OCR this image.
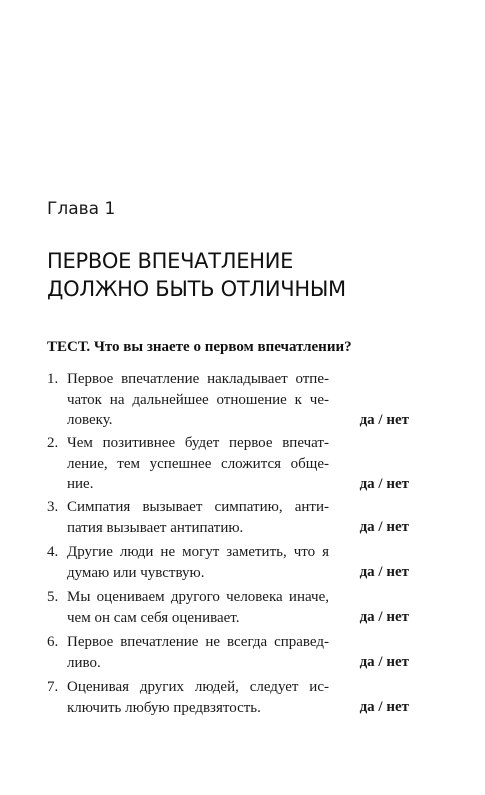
Глава 1
ПЕРВОЕ ВПЕЧАТЛЕНИЕ
ДОЛЖНО БЫТЬ ОТЛИЧНЫМ
ТЕСТ. Что вы знаете о первом впечатлении?
1. Первое впечатление накладывает отпе-
чаток на дальнейшее отношение к че-
ловеку.	да / нет
2. Чем позитивнее будет первое впечат-
ление, тем успешнее сложится обще-
ние.	да / нет
3. Симпатия вызывает симпатию, анти-
патия вызывает антипатию.	да / нет
4. Другие люди не могут заметить, что я
думаю или чувствую.	да / нет
5. Мы оцениваем другого человека иначе,
чем он сам себя оценивает.	да / нет
6. Первое впечатление не всегда справед-
ливо.	да / нет
7. Оценивая других людей, следует ис-
ключить любую предвзятость.	да / нет
